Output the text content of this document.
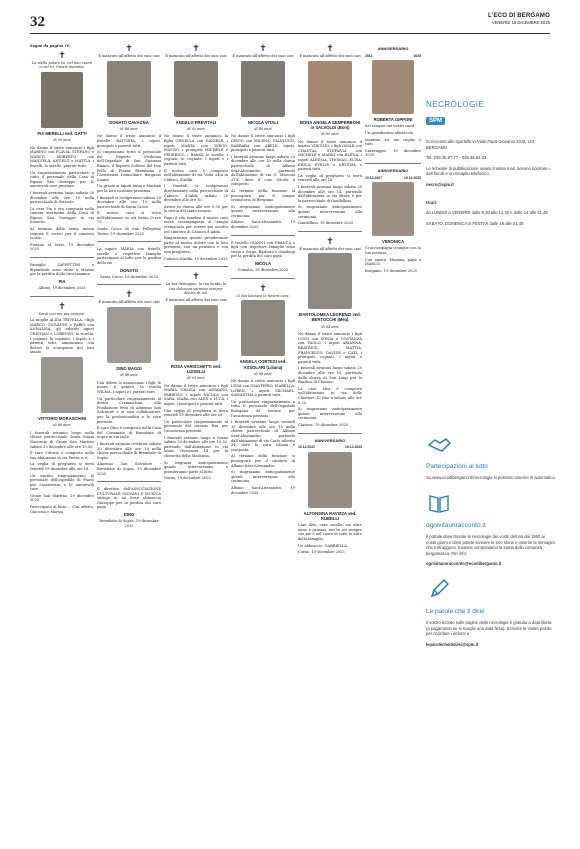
32	L'ECO DI BERGAMO
VENERDÌ 19 DICEMBRE 2025

Segue da pagina 16

✝

La stella polare tu, nel mio cuore ci sei tu. Grazie mamma.

PIA MERELLI ved. GATTI
di 90 anni

Ne danno il triste annuncio i figli MARINO con FLAVIA, STEFANO e MARCO, ROBERTO con MANUELA, ANGELO e MATTIA, i fratelli, le sorelle, parenti tutti.

Un ringraziamento particolare a tutto il personale della Casa di Riposo San Giuseppe per le amorevoli cure prestate.

I funerali avranno luogo sabato 20 dicembre alle ore 10 nella parrocchiale di Sorisole.

La cara Pia è ora composta nella camera mortuaria della Casa di Riposo San Giuseppe in via Sorisole.

Al termine della santa messa seguirà il corteo per il cimitero locale.

Fiorano al Serio, 19 dicembre 2025

Famiglie ZAPPETTINI e dipendenti sono vicini a Marino per la perdita della cara mamma

PIA

Albino, 19 dicembre 2025

✝

Sarai con noi per sempre.

La moglie ALIDA TRIVELLA, i figli MARCO, GIOVANNI e FABIO con ANNALISA, gli adorati nipoti CRISTIAN e LORENZO, la sorella, i cognati, le cognate, i nipoti e i parenti tutti, annunciano con dolore la scomparsa del loro amato

VITTORIO MORASCHINI
di 80 anni

I funerali avranno luogo nella chiesa parrocchiale Santa Maria Nascente di Grone San Martino sabato 20 dicembre alle ore 10.30.

Il caro Vittorio è composto nella sua abitazione in via Pietra n. 6.

La veglia di preghiera si terrà venerdì 19 dicembre alle ore 18.

Un sentito ringraziamento al personale dell'ospedale di Piario per l'assistenza e le amorevoli cure.

Grone San Martino, 19 dicembre 2025

Partecipano al lutto: – Con affetto, Giacomo e Marisa

✝

È mancato all'affetto dei suoi cari

DONATO CAVAGNA
di 88 anni

Ne danno il triste annuncio il fratello BATTISTA, i nipoti, pronipoti e parenti tutti.

Si ringraziano tutto il personale del Reparto Medicina dell'Ospedale di San Giovanni Bianco, il Reparto Sollievo del Don Pollo di Piazza Brembana e l'Assistenza Domiciliare Bergamo Sanità.

Un grazie ai nipoti Anna e Martina per la loro costante presenza.

I funerali si svolgeranno sabato 20 dicembre alle ore 10 nella parrocchiale di Santa Croce.

Il nostro caro si trova nell'abitazione in via Santa Croce 75.

Santa Croce di San Pellegrino Terme, 19 dicembre 2025

La nipote MARIA con fratelli, sorelle e rispettive famiglie partecipano al lutto per la perdita dello zio

DONATO

Santa Croce, 19 dicembre 2025

✝

È mancato all'affetto dei suoi cari

DINO BAGGI
di 88 anni

Con dolore lo annunciano i figli, le nuore, il genero, la sorella WILMA, i nipoti e i parenti tutti.

Un particolare ringraziamento al dottor Cremaschini, alla Fondazione Fera di Almenno San Salvatore e ai suoi collaboratori, per la professionalità e le cure prestate.

Il caro Dino è composto nella Casa del Commiato di Brembate di Sopra in via Isola.

I funerali saranno celebrati sabato 20 dicembre alle ore 10 nella chiesa parrocchiale di Brembate di Sopra.

Almenno San Salvatore - Brembate di Sopra, 19 dicembre 2025

Il direttivo dell'ASSOCIAZIONE CULTURALE GIOVANI E MUSICA stringe in un forte abbraccio Giuseppe per la perdita del caro papà

DINO

Brembate di Sopra, 19 dicembre 2025

✝

È mancato all'affetto dei suoi cari

ANGELO PREVITALI
di 92 anni

Ne danno il triste annuncio la figlia ORNELLA con DANIELE, i nipoti MARTA con DIEGO, MAURO, i pronipoti MICHELE e FEDERICO, i fratelli, le sorelle, i cognati, le cognate, i nipoti e i parenti tutti.

Il nostro caro è composto nell'abitazione di via Volta 24/a in Calusco d'Adda.

I funerali si svolgeranno direttamente nella parrocchiale di Calusco d'Adda sabato 20 dicembre alle ore 10.

Arrivo in chiesa alle ore 9.50 per la recita del santo rosario.

Dopo il rito funebre il nostro caro verrà accompagnato al tempio crematorio per essere poi accolto nel cimitero di Calusco d'Adda.

Ringraziamo quanti prenderanno parte al nostro dolore con la loro presenza, con un pensiero e con una preghiera.

Calusco d'Adda, 19 dicembre 2025

✝

La tua immagine, la tua bontà, la tua dolcezza saranno sempre dentro di noi.

È mancata all'affetto dei suoi cari

ROSA VARISCHETTI ved. LUISELLI
di 93 anni

Ne danno il triste annuncio i figli MARIA GRAZIA con ADRIANO, FABRIZIO, i nipoti NICOLA con SARA, MARA con ALEX e LUCA, i nipoti, i pronipoti e parenti tutti.

Una veglia di preghiera si terrà venerdì 19 dicembre alle ore 20.

Un particolare ringraziamento al personale del servizio Rsa per l'assistenza prestata.

I funerali avranno luogo a Gorno sabato 20 dicembre alle ore 10.30, partendo dall'abitazione in via Mons. Guerinoni 14 per la chiesetta della Madonna.

Si ringrazia anticipatamente quanti interverranno e prenderanno parte al lutto.

Gorno, 19 dicembre 2025

✝

È mancato all'affetto dei suoi cari

NICOLA VITALI
di 86 anni

Ne danno il triste annuncio i figli DIEGO con MILENA, GIANLUIGI, BARBARA con ABELE, nipoti, pronipoti e parenti tutti.

I funerali avranno luogo sabato 20 dicembre alle ore 10 nella chiesa parrocchiale di Albano Sant'Alessandro, partendo dall'abitazione di via G. Marconi 27/C, dove il caro Nicola è composto.

Al termine della funzione si proseguirà per il tempio crematorio di Bergamo.

Si ringraziano anticipatamente quanti interverranno alla cerimonia.

Albano Sant'Alessandro, 19 dicembre 2025

Il fratello GIANNI con FRANCA e figli con rispettive famiglie sono vicini a Diego, Barbara e Gianluigi per la perdita del caro papà

NICOLA

Comalia, 19 dicembre 2025

✝

Ci hai lasciato la nostra cara.

ANGELA CORTESI ved. ASSOLARI (Liliana)
di 88 anni

Ne danno il triste annuncio i figli LIVIA con GIANPIERO, ISABELLA, LOREN, i nipoti MICHAEL, SAMANTHA e parenti tutti.

Un particolare ringraziamento a tutto il personale dell'Ospedale Bolognini di Seriate per l'assistenza prestata.

I funerali avranno luogo venerdì 19 dicembre alle ore 15 nella chiesa parrocchiale di Albano Sant'Alessandro, partendo dall'abitazione di via Carlo Alberto 34, dove la cara Liliana è composta.

Al termine della funzione si proseguirà per il cimitero di Albano Sant'Alessandro.

Si ringraziano anticipatamente quanti interverranno alla cerimonia.

Albano Sant'Alessandro, 19 dicembre 2025

✝

È mancata all'affetto dei suoi cari

BONA ANGELA SEMPERBONI in SALVOLDI (Boni)
di 85 anni

Ne danno il triste annuncio il marito VIRGILIO, i figli OMAR con CHANTAL, STEFANIA con MICHELE e MARIO con ELENA, i nipoti ALESSIA, THOMAS, ELISA, ERICA, EVELIN e KRYSTAL e parenti tutti.

La veglia di preghiera si terrà venerdì alle ore 18.

I funerali avranno luogo sabato 20 dicembre alle ore 14, partendo dall'abitazione in via Brera 8 per la parrocchiale di Gandellino.

Si ringraziano anticipatamente quanti interverranno alla cerimonia.

Gandellino, 19 dicembre 2025

✝

È mancata all'affetto dei suoi cari

BARTOLOMEA LEGRENZI ved. BERTOCCHI (Mea)
di 94 anni

Ne danno il triste annuncio i figli LUIGI con SONIA e COSTANZA con PAOLO, i nipoti ARIANNA, BEATRICE, MATTIA, FRANCESCO, DAVIDE e CATI, i pronipoti, cognati, i nipoti e parenti tutti.

I funerali avranno luogo sabato 20 dicembre alle ore 10, partendo dalla chiesa di San Luigi per la Basilica di Clusone.

La cara Mea è composta nell'abitazione in via delle Chiodere 12 fino a sabato alle ore 9.25.

Si ringraziano anticipatamente quanti interverranno alla cerimonia.

Clusone, 19 dicembre 2025

ANNIVERSARIO
19.12.2022	19.12.2025
ALFONSINA RAVIZZA ved. RUBELLI

Ciao Alfo, cara sorella, un altro anno è passato, ma tu sei sempre con me e nel cuore di tutte le altre della famiglia.

Un abbraccio. GABRIELLA.

Curno, 19 dicembre 2025

ANNIVERSARIO
2014	2025
ROBERTA GIPPONI

Sei sempre nei nostri cuori.

Un grandissimo abbraccio.

Mamma, zii, tue cugine e tutti.

Caravaggio, 19 dicembre 2025

ANNIVERSARIO
19.12.2007	19.12.2025
VERONICA

Ci accompagni ovunque con la tua assenza.

Con amore, Mamma, papà e MARCO.

Bergamo, 19 dicembre 2025

NECROLOGIE
SPM

Si ricevono allo sportello in Viale Papa Giovanni XXIII, 124 BERGAMO

Tel. 035.35.87.77 - 035.38.63.33

Le richieste di pubblicazione inviate tramite mail, devono riportare i dati fiscali e un recapito telefonico

necro@spm.it

Orari:

da LUNEDÌ a VENERDÌ dalle 8,30 alle 12,30 e dalle 14 alle 21,45

SABATO, DOMENICA E FESTIVI dalle 16 alle 21,45

Partecipazioni al lutto

Su www.ecodibergamo.it/necrologie si possono inserire in automatico.

ognivitaunracconto.it

Il portale dove trovare le necrologie dei vostri defunti dal 1950 ai nostri giorni e dove potete scrivere le loro storie e inserire le immagini che li ritraggono. Insieme componiamo la storia della comunità bergamasca. Per info:

ognivitaunracconto@ecodibergamo.it

Le parole che ti direi

Il vostro ricordo sulle pagine delle necrologie è gratuito a data libera (a pagamento se si sceglie una data fissa). Scrivete le vostre parole per ricordare i defunti a

leparolecheitidirei@spm.it
